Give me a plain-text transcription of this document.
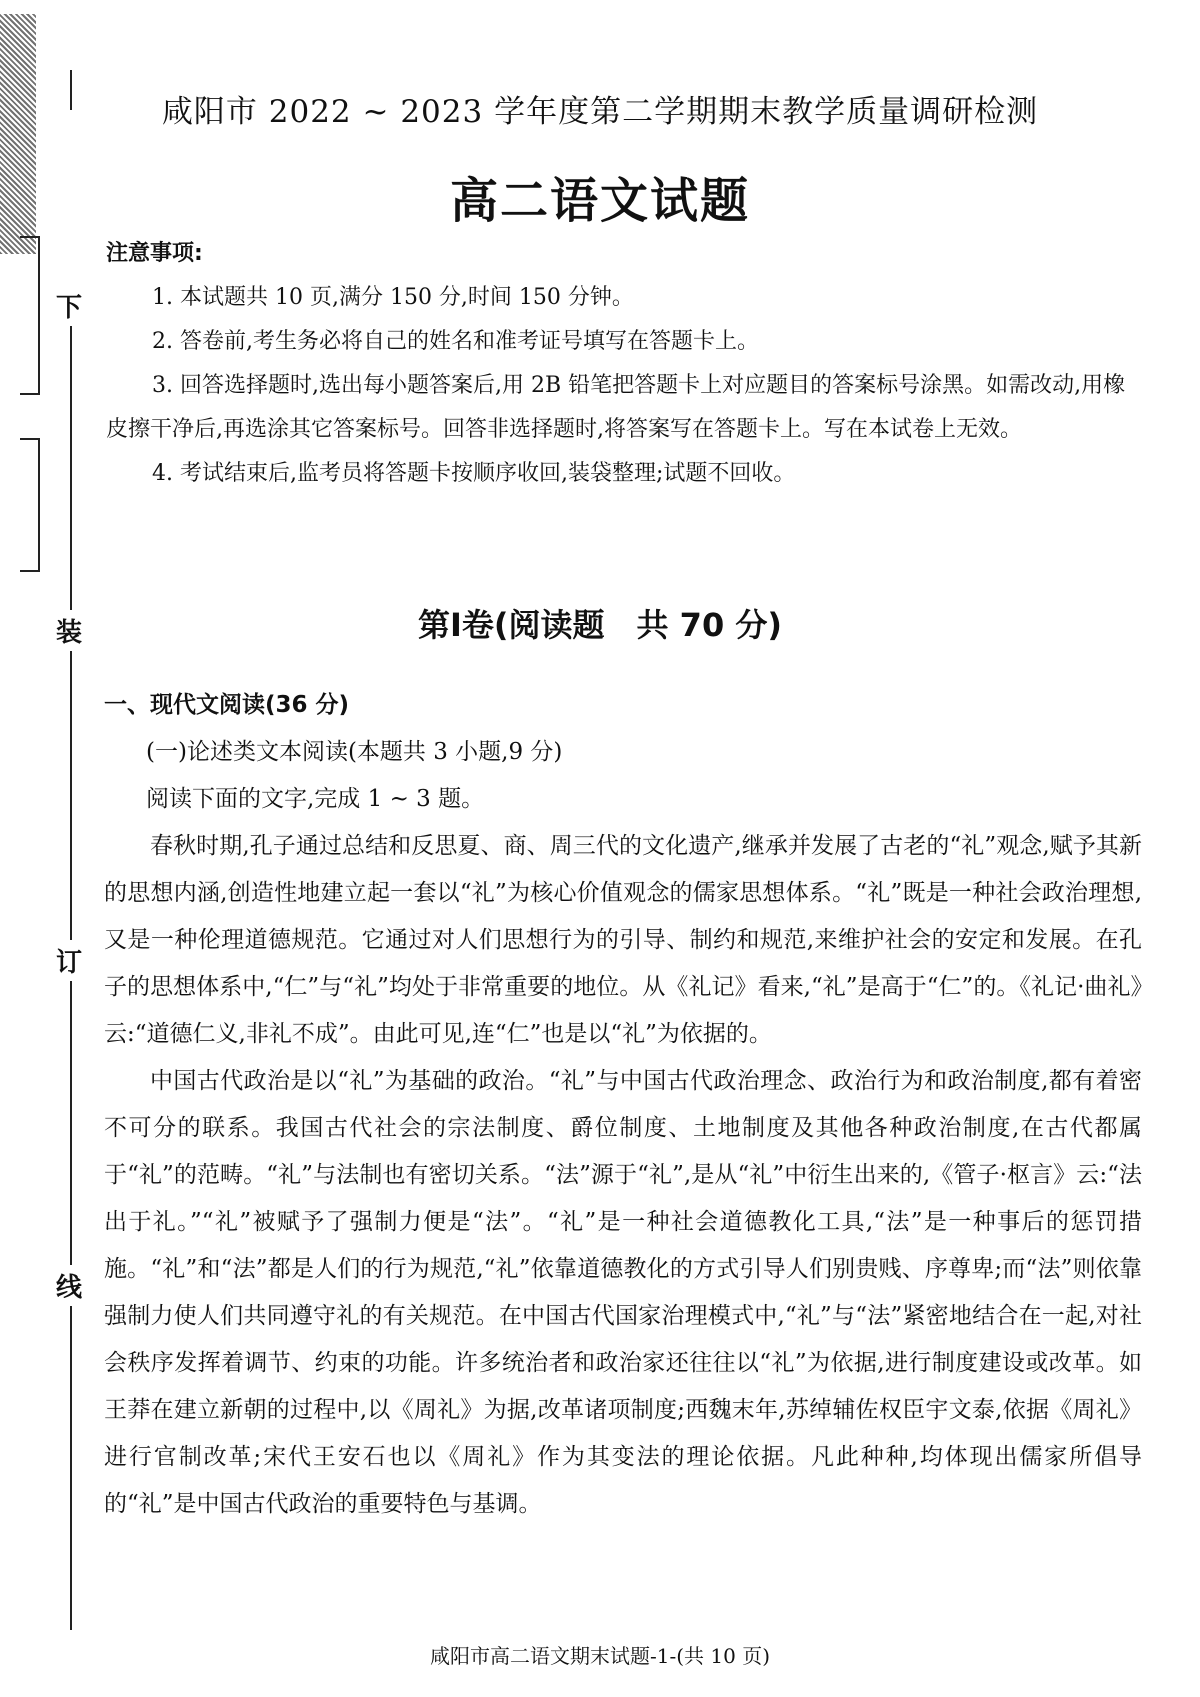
下
装
订
线
咸阳市 2022 ~ 2023 学年度第二学期期末教学质量调研检测
高二语文试题
注意事项:

1. 本试题共 10 页,满分 150 分,时间 150 分钟。

2. 答卷前,考生务必将自己的姓名和准考证号填写在答题卡上。

3. 回答选择题时,选出每小题答案后,用 2B 铅笔把答题卡上对应题目的答案标号涂黑。如需改动,用橡皮擦干净后,再选涂其它答案标号。回答非选择题时,将答案写在答题卡上。写在本试卷上无效。

4. 考试结束后,监考员将答题卡按顺序收回,装袋整理;试题不回收。

第Ⅰ卷(阅读题　共 70 分)

一、现代文阅读(36 分)

(一)论述类文本阅读(本题共 3 小题,9 分)

阅读下面的文字,完成 1 ~ 3 题。

春秋时期,孔子通过总结和反思夏、商、周三代的文化遗产,继承并发展了古老的“礼”观念,赋予其新的思想内涵,创造性地建立起一套以“礼”为核心价值观念的儒家思想体系。“礼”既是一种社会政治理想,又是一种伦理道德规范。它通过对人们思想行为的引导、制约和规范,来维护社会的安定和发展。在孔子的思想体系中,“仁”与“礼”均处于非常重要的地位。从《礼记》看来,“礼”是高于“仁”的。《礼记·曲礼》云:“道德仁义,非礼不成”。由此可见,连“仁”也是以“礼”为依据的。

中国古代政治是以“礼”为基础的政治。“礼”与中国古代政治理念、政治行为和政治制度,都有着密不可分的联系。我国古代社会的宗法制度、爵位制度、土地制度及其他各种政治制度,在古代都属于“礼”的范畴。“礼”与法制也有密切关系。“法”源于“礼”,是从“礼”中衍生出来的,《管子·枢言》云:“法出于礼。”“礼”被赋予了强制力便是“法”。“礼”是一种社会道德教化工具,“法”是一种事后的惩罚措施。“礼”和“法”都是人们的行为规范,“礼”依靠道德教化的方式引导人们别贵贱、序尊卑;而“法”则依靠强制力使人们共同遵守礼的有关规范。在中国古代国家治理模式中,“礼”与“法”紧密地结合在一起,对社会秩序发挥着调节、约束的功能。许多统治者和政治家还往往以“礼”为依据,进行制度建设或改革。如王莽在建立新朝的过程中,以《周礼》为据,改革诸项制度;西魏末年,苏绰辅佐权臣宇文泰,依据《周礼》进行官制改革;宋代王安石也以《周礼》作为其变法的理论依据。凡此种种,均体现出儒家所倡导的“礼”是中国古代政治的重要特色与基调。

咸阳市高二语文期末试题-1-(共 10 页)
